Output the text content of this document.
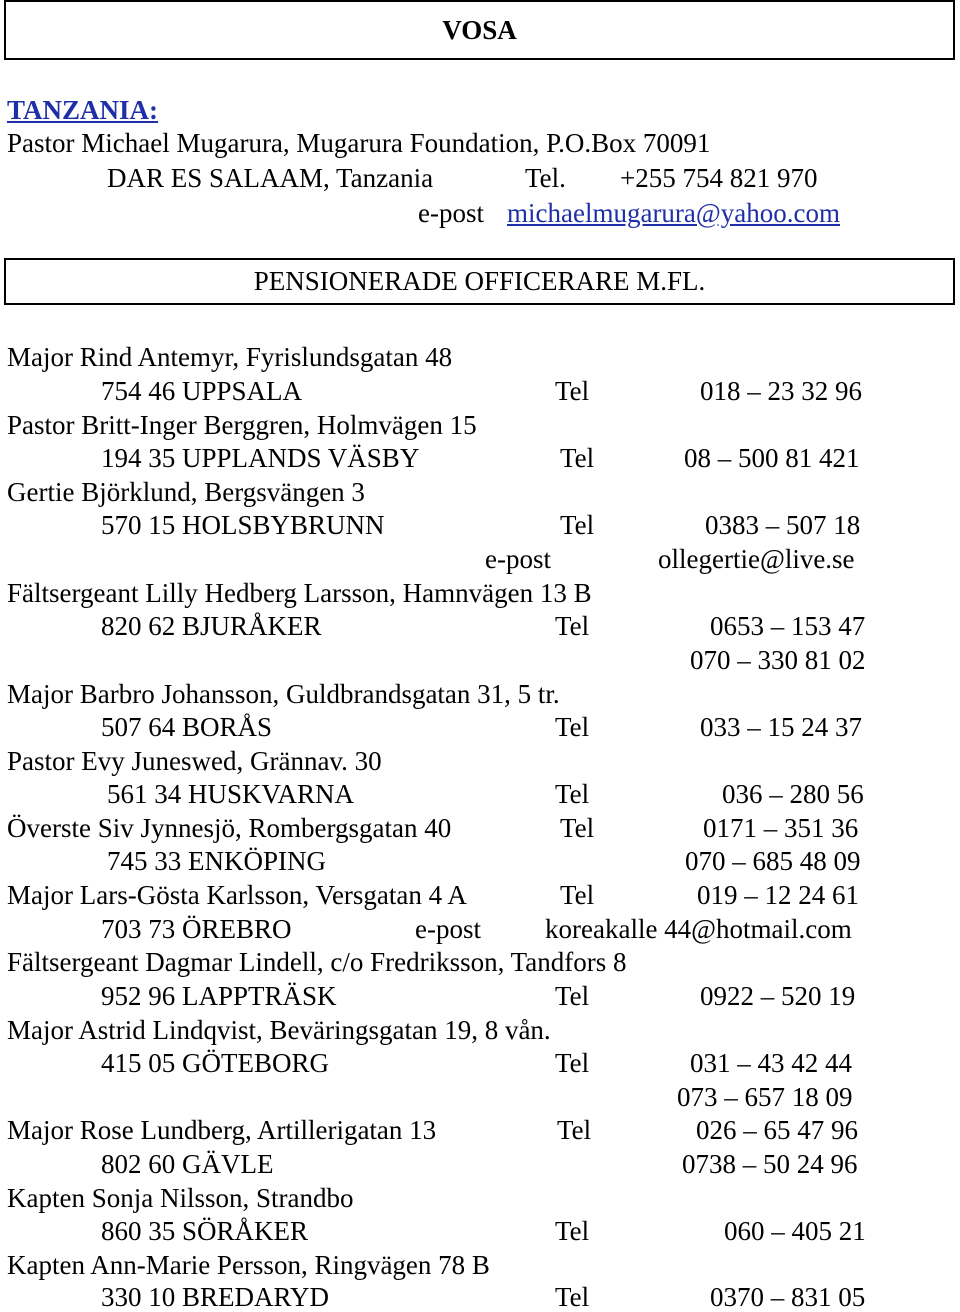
VOSA
TANZANIA:
Pastor Michael Mugarura, Mugarura Foundation, P.O.Box 70091
DAR ES SALAAM, Tanzania	Tel. +255 754 821 970
e-post michaelmugarura@yahoo.com
PENSIONERADE OFFICERARE M.FL.
Major Rind Antemyr, Fyrislundsgatan 48
754 46 UPPSALA	Tel	018 – 23 32 96
Pastor Britt-Inger Berggren, Holmvägen 15
194 35 UPPLANDS VÄSBY	Tel	08 – 500 81 421
Gertie Björklund, Bergsvängen 3
570 15 HOLSBYBRUNN	Tel	0383 – 507 18
e-post	ollegertie@live.se
Fältsergeant Lilly Hedberg Larsson, Hamnvägen 13 B
820 62 BJURÅKER	Tel	0653 – 153 47
070 – 330 81 02
Major Barbro Johansson, Guldbrandsgatan 31, 5 tr.
507 64 BORÅS	Tel	033 – 15 24 37
Pastor Evy Juneswed, Grännav. 30
561 34 HUSKVARNA	Tel	036 – 280 56
Överste Siv Jynnesjö, Rombergsgatan 40	Tel	0171 – 351 36
745 33 ENKÖPING	070 – 685 48 09
Major Lars-Gösta Karlsson, Versgatan 4 A	Tel	019 – 12 24 61
703 73 ÖREBRO	e-post koreakalle 44@hotmail.com
Fältsergeant Dagmar Lindell, c/o Fredriksson, Tandfors 8
952 96 LAPPTRÄSK	Tel	0922 – 520 19
Major Astrid Lindqvist, Beväringsgatan 19, 8 vån.
415 05 GÖTEBORG	Tel	031 – 43 42 44
073 – 657 18 09
Major Rose Lundberg, Artillerigatan 13	Tel	026 – 65 47 96
802 60 GÄVLE	0738 – 50 24 96
Kapten Sonja Nilsson, Strandbo
860 35 SÖRÅKER	Tel	060 – 405 21
Kapten Ann-Marie Persson, Ringvägen 78 B
330 10 BREDARYD	Tel	0370 – 831 05
